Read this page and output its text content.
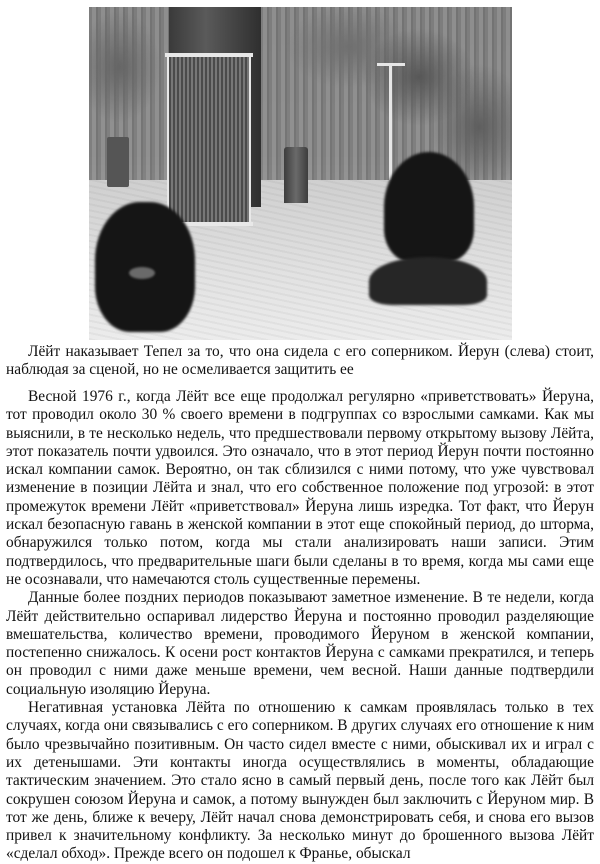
Лёйт наказывает Тепел за то, что она сидела с его соперником. Йерун (слева) стоит, наблюдая за сценой, но не осмеливается защитить ее

Весной 1976 г., когда Лёйт все еще продолжал регулярно «приветствовать» Йеруна, тот проводил около 30 % своего времени в подгруппах со взрослыми самками. Как мы выяснили, в те несколько недель, что предшествовали первому открытому вызову Лёйта, этот показатель почти удвоился. Это означало, что в этот период Йерун почти постоянно искал компании самок. Вероятно, он так сблизился с ними потому, что уже чувствовал изменение в позиции Лёйта и знал, что его собственное положение под угрозой: в этот промежуток времени Лёйт «приветствовал» Йеруна лишь изредка. Тот факт, что Йерун искал безопасную гавань в женской компании в этот еще спокойный период, до шторма, обнаружился только потом, когда мы стали анализировать наши записи. Этим подтвердилось, что предварительные шаги были сделаны в то время, когда мы сами еще не осознавали, что намечаются столь существенные перемены.

Данные более поздних периодов показывают заметное изменение. В те недели, когда Лёйт действительно оспаривал лидерство Йеруна и постоянно проводил разделяющие вмешательства, количество времени, проводимого Йеруном в женской компании, постепенно снижалось. К осени рост контактов Йеруна с самками прекратился, и теперь он проводил с ними даже меньше времени, чем весной. Наши данные подтвердили социальную изоляцию Йеруна.

Негативная установка Лёйта по отношению к самкам проявлялась только в тех случаях, когда они связывались с его соперником. В других случаях его отношение к ним было чрезвычайно позитивным. Он часто сидел вместе с ними, обыскивал их и играл с их детенышами. Эти контакты иногда осуществлялись в моменты, обладающие тактическим значением. Это стало ясно в самый первый день, после того как Лёйт был сокрушен союзом Йеруна и самок, а потому вынужден был заключить с Йеруном мир. В тот же день, ближе к вечеру, Лёйт начал снова демонстрировать себя, и снова его вызов привел к значительному конфликту. За несколько минут до брошенного вызова Лёйт «сделал обход». Прежде всего он подошел к Франье, обыскал
